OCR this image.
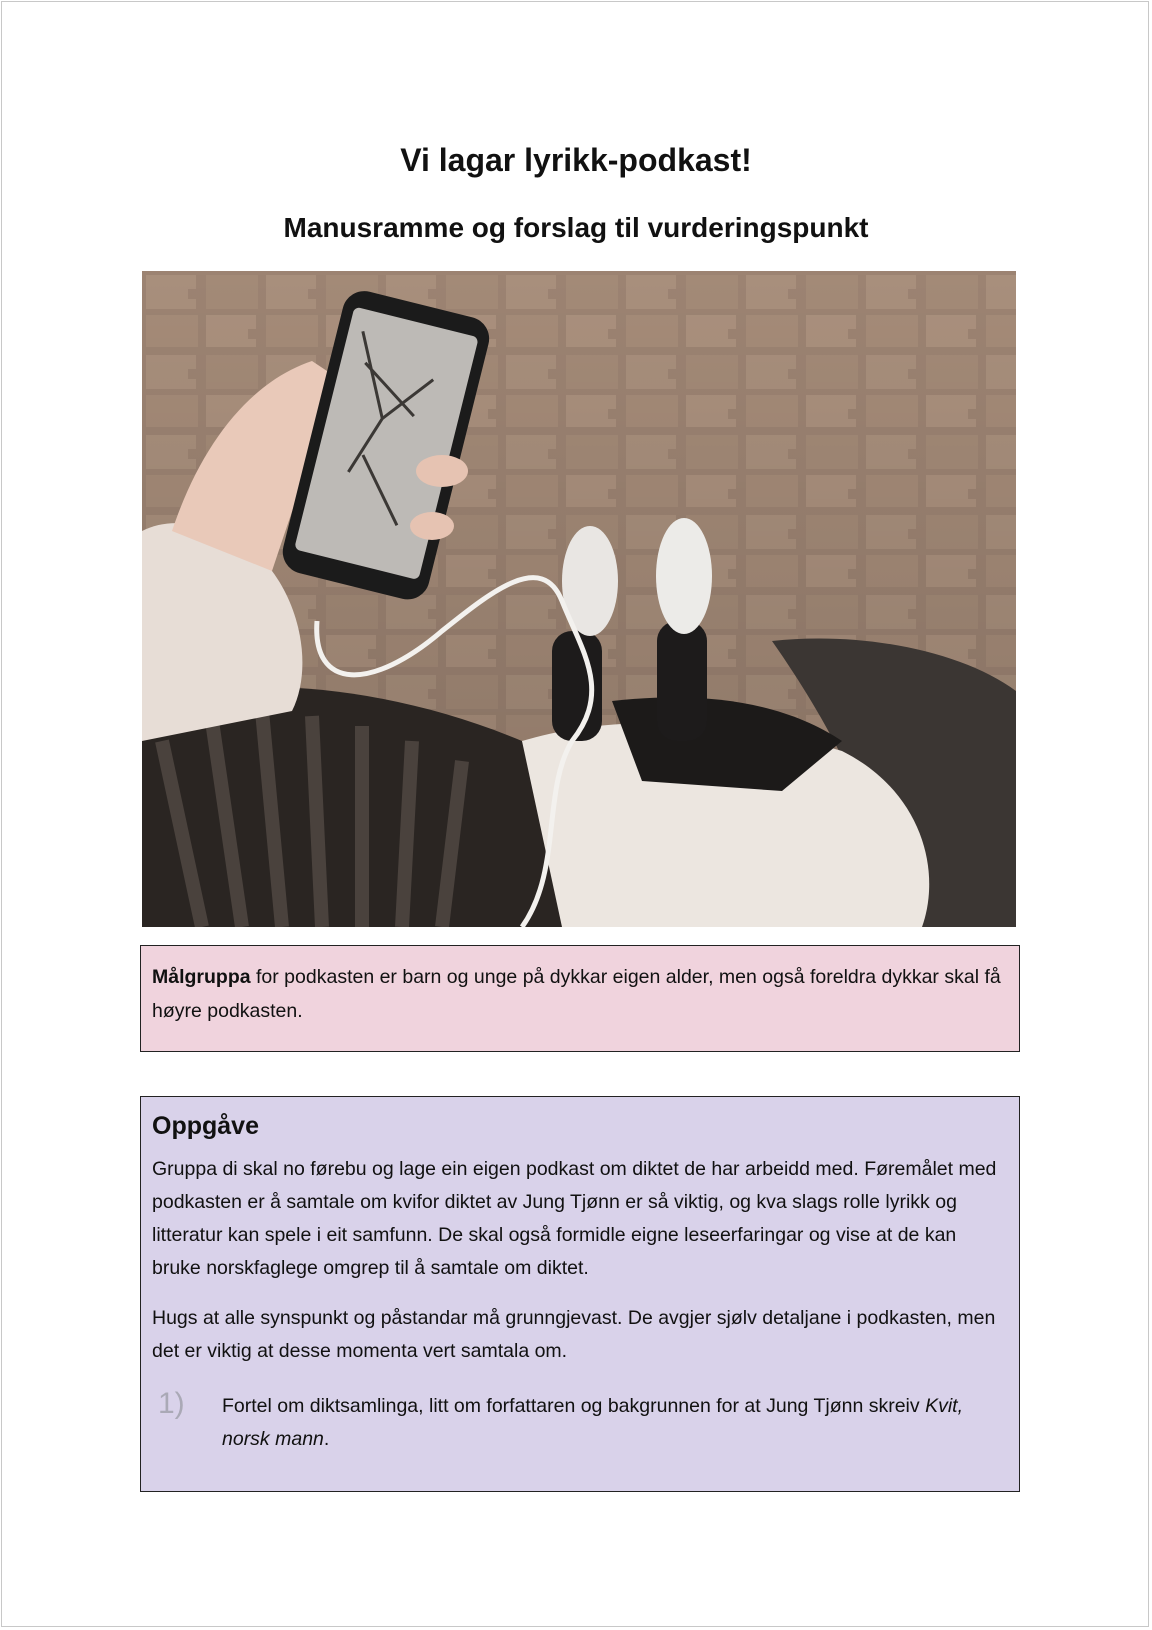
Vi lagar lyrikk-podkast!
Manusramme og forslag til vurderingspunkt
Målgruppa for podkasten er barn og unge på dykkar eigen alder, men også foreldra dykkar skal få høyre podkasten.
Oppgåve

Gruppa di skal no førebu og lage ein eigen podkast om diktet de har arbeidd med. Føremålet med podkasten er å samtale om kvifor diktet av Jung Tjønn er så viktig, og kva slags rolle lyrikk og litteratur kan spele i eit samfunn. De skal også formidle eigne leseerfaringar og vise at de kan bruke norskfaglege omgrep til å samtale om diktet.

Hugs at alle synspunkt og påstandar må grunngjevast. De avgjer sjølv detaljane i podkasten, men det er viktig at desse momenta vert samtala om.

1) Fortel om diktsamlinga, litt om forfattaren og bakgrunnen for at Jung Tjønn skreiv Kvit, norsk mann.
